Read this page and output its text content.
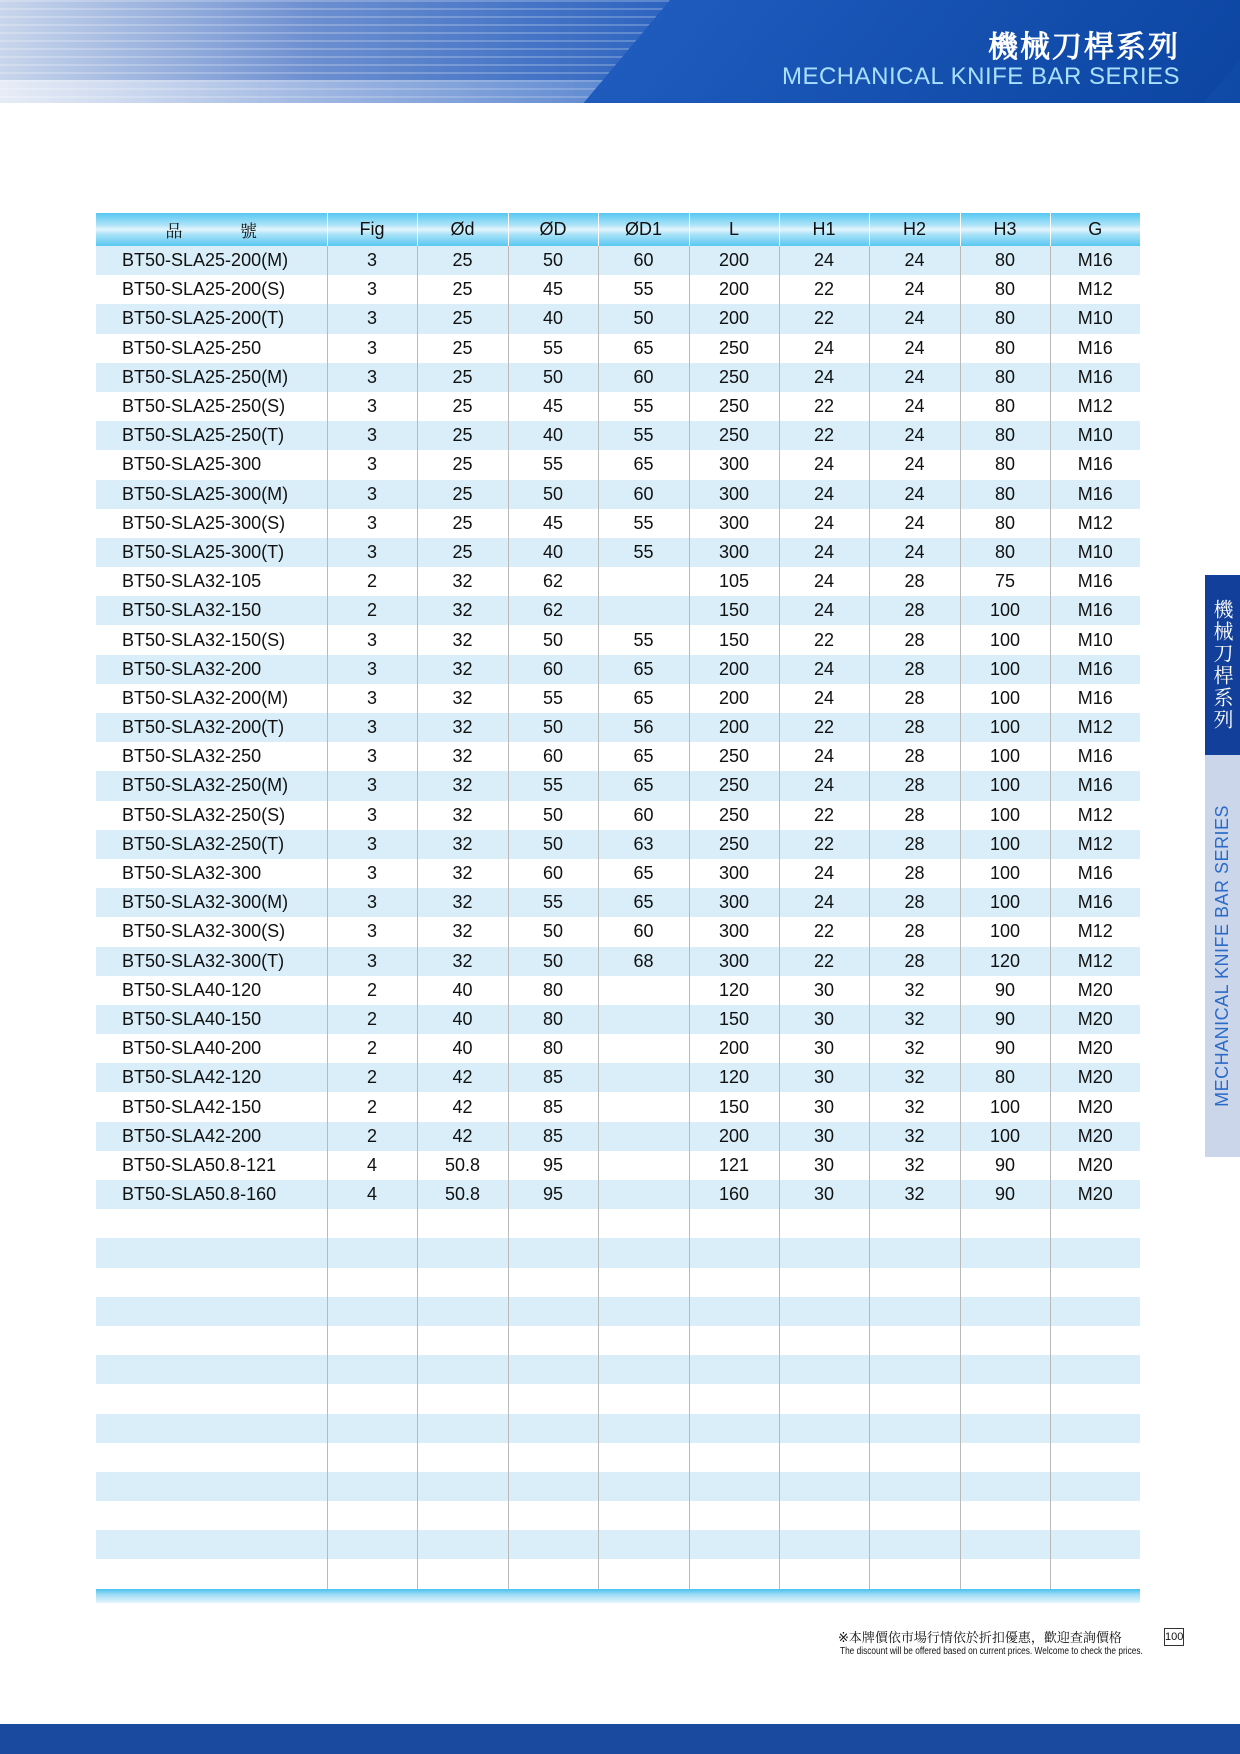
機械刀桿系列
MECHANICAL KNIFE BAR SERIES
機械刀桿系列
MECHANICAL KNIFE BAR SERIES
品 號	Fig	Ød	ØD	ØD1	L	H1	H2	H3	G
BT50-SLA25-200(M)	3	25	50	60	200	24	24	80	M16
BT50-SLA25-200(S)	3	25	45	55	200	22	24	80	M12
BT50-SLA25-200(T)	3	25	40	50	200	22	24	80	M10
BT50-SLA25-250	3	25	55	65	250	24	24	80	M16
BT50-SLA25-250(M)	3	25	50	60	250	24	24	80	M16
BT50-SLA25-250(S)	3	25	45	55	250	22	24	80	M12
BT50-SLA25-250(T)	3	25	40	55	250	22	24	80	M10
BT50-SLA25-300	3	25	55	65	300	24	24	80	M16
BT50-SLA25-300(M)	3	25	50	60	300	24	24	80	M16
BT50-SLA25-300(S)	3	25	45	55	300	24	24	80	M12
BT50-SLA25-300(T)	3	25	40	55	300	24	24	80	M10
BT50-SLA32-105	2	32	62		105	24	28	75	M16
BT50-SLA32-150	2	32	62		150	24	28	100	M16
BT50-SLA32-150(S)	3	32	50	55	150	22	28	100	M10
BT50-SLA32-200	3	32	60	65	200	24	28	100	M16
BT50-SLA32-200(M)	3	32	55	65	200	24	28	100	M16
BT50-SLA32-200(T)	3	32	50	56	200	22	28	100	M12
BT50-SLA32-250	3	32	60	65	250	24	28	100	M16
BT50-SLA32-250(M)	3	32	55	65	250	24	28	100	M16
BT50-SLA32-250(S)	3	32	50	60	250	22	28	100	M12
BT50-SLA32-250(T)	3	32	50	63	250	22	28	100	M12
BT50-SLA32-300	3	32	60	65	300	24	28	100	M16
BT50-SLA32-300(M)	3	32	55	65	300	24	28	100	M16
BT50-SLA32-300(S)	3	32	50	60	300	22	28	100	M12
BT50-SLA32-300(T)	3	32	50	68	300	22	28	120	M12
BT50-SLA40-120	2	40	80		120	30	32	90	M20
BT50-SLA40-150	2	40	80		150	30	32	90	M20
BT50-SLA40-200	2	40	80		200	30	32	90	M20
BT50-SLA42-120	2	42	85		120	30	32	80	M20
BT50-SLA42-150	2	42	85		150	30	32	100	M20
BT50-SLA42-200	2	42	85		200	30	32	100	M20
BT50-SLA50.8-121	4	50.8	95		121	30	32	90	M20
BT50-SLA50.8-160	4	50.8	95		160	30	32	90	M20

※本牌價依市場行情依於折扣優惠，歡迎查詢價格
The discount will be offered based on current prices. Welcome to check the prices.
100
